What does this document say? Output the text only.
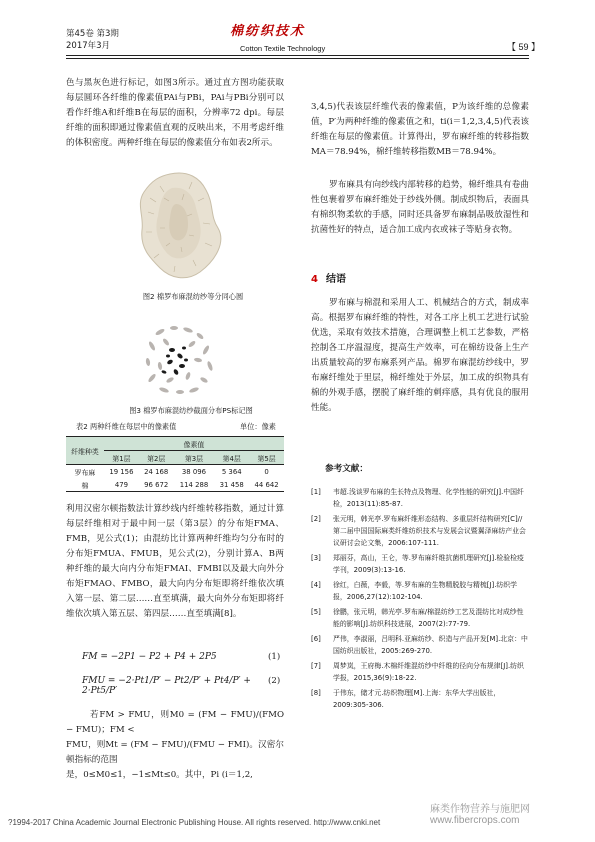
第45卷 第3期
2017年3月
棉纺织技术
Cotton Textile Technology	【 59 】
色与黑灰色进行标记，如图3所示。通过直方图功能获取每层圆环各纤维的像素值PAi与PBi，PAi与PBi分别可以看作纤维A和纤维B在每层的面积，分辨率72 dpi。每层纤维的面积即通过像素值直观的反映出来，不用考虑纤维的体积密度。两种纤维在每层的像素值分布如表2所示。
图2 棉罗布麻混纺纱等分同心圆
图3 棉罗布麻混纺纱截面分布PS标记图
表2 两种纤维在每层中的像素值	单位：像素
纤维种类	像素值				
	第1层	第2层	第3层	第4层	第5层
罗布麻	19 156	24 168	38 096	5 364	0
棉	479	96 672	114 288	31 458	44 642
利用汉密尔顿指数法计算纱线内纤维转移指数，通过计算每层纤维相对于最中间一层（第3层）的分布矩FMA、FMB，见公式(1)；由混纺比计算两种纤维均匀分布时的分布矩FMUA、FMUB，见公式(2)，分别计算A、B两种纤维的最大向内分布矩FMAI、FMBI以及最大向外分布矩FMAO、FMBO，最大向内分布矩即将纤维依次填入第一层、第二层……直至填满，最大向外分布矩即将纤维依次填入第五层、第四层……直至填满[8]。
FM = −2P1 − P2 + P4 + 2P5	(1)
FMU = −2·Pt1/P′ − Pt2/P′ + Pt4/P′ + 2·Pt5/P′
(2)
若FM > FMU，则M0 = (FM − FMU)/(FMO − FMU)；FM <
FMU，则Mt = (FM − FMU)/(FMU − FMI)。汉密尔顿指标的范围
是，0≤M0≤1，−1≤Mt≤0。其中，Pi (i＝1,2,
3,4,5)代表该层纤维代表的像素值，P为该纤维的总像素值，P′为两种纤维的像素值之和，ti(i＝1,2,3,4,5)代表该纤维在每层的像素值。计算得出，罗布麻纤维的转移指数MA＝78.94%，棉纤维转移指数MB＝78.94%。
罗布麻具有向纱线内部转移的趋势，棉纤维具有卷曲性包裹着罗布麻纤维处于纱线外侧。制成织物后，表面具有棉织物柔软的手感，同时还具备罗布麻制品吸放湿性和抗菌性好的特点，适合加工成内衣或袜子等贴身衣物。
4 结语
罗布麻与棉混和采用人工、机械结合的方式，制成率高。根据罗布麻纤维的特性，对各工序上机工艺进行试验优选，采取有效技术措施，合理调整上机工艺参数，严格控制各工序温湿度，提高生产效率，可在棉纺设备上生产出质量较高的罗布麻系列产品。棉罗布麻混纺纱线中，罗布麻纤维处于里层，棉纤维处于外层，加工成的织物具有棉的外观手感，摆脱了麻纤维的刺痒感，具有优良的服用性能。
参考文献：
[1]	韦超.浅谈罗布麻的生长特点及物理、化学性能的研究[J].中国纤检，2013(11):85-87.
[2]	张元明，韩光亭.罗布麻纤维形态结构、多重层纤结构研究[C]//第二届中国国际麻类纤维纺织技术与发展会议暨翼泽麻纺产业会议研讨会论文集，2006:107-111.
[3]	郑丽芬，高山，王仑，等.罗布麻纤维抗菌机理研究[J].检验检疫学刊，2009(3):13-16.
[4]	徐红，白薇，李毅，等.罗布麻的生物精脱胶与精梳[J].纺织学报，2006,27(12):102-104.
[5]	徐鹏，张元明，韩光亭.罗布麻/棉混纺纱工艺及混纺比对成纱性能的影响[J].纺织科技进展，2007(2):77-79.
[6]	严伟，李淑丽，吕明科.亚麻纺纱、织造与产品开发[M].北京：中国纺织出版社，2005:269-270.
[7]	周梦岚，王府梅.木棉纤维混纺纱中纤维的径向分布规律[J].纺织学报，2015,36(9):18-22.
[8]	于伟东，储才元.纺织物理[M].上海：东华大学出版社，2009:305-306.
?1994-2017 China Academic Journal Electronic Publishing House. All rights reserved. http://www.cnki.net
麻类作物营养与施肥网 www.fibercrops.com
